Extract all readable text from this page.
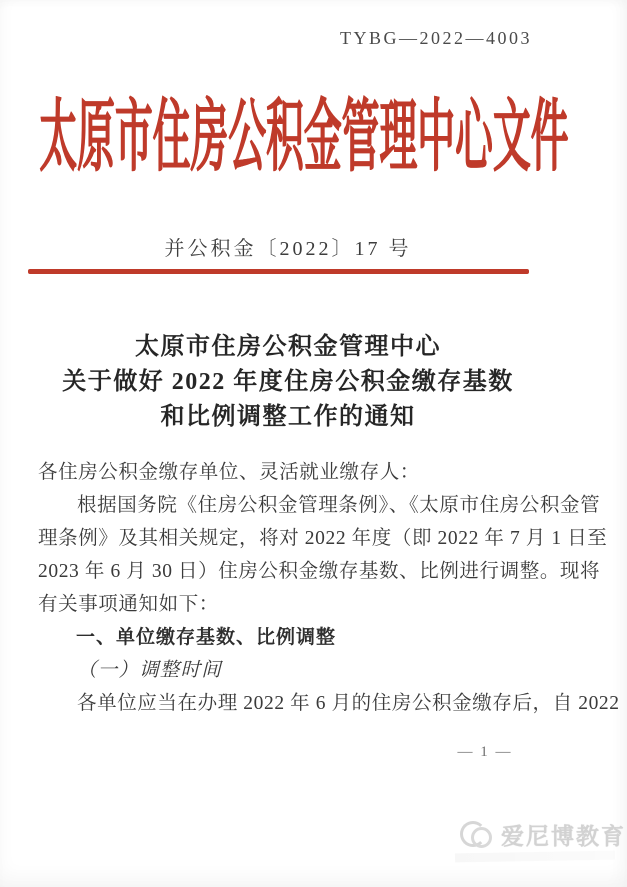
TYBG—2022—4003
太原市住房公积金管理中心文件
并公积金〔2022〕17 号
太原市住房公积金管理中心
关于做好 2022 年度住房公积金缴存基数
和比例调整工作的通知
各住房公积金缴存单位、灵活就业缴存人：
根据国务院《住房公积金管理条例》、《太原市住房公积金管
理条例》及其相关规定，将对 2022 年度（即 2022 年 7 月 1 日至
2023 年 6 月 30 日）住房公积金缴存基数、比例进行调整。现将
有关事项通知如下：
一、单位缴存基数、比例调整
（一）调整时间
各单位应当在办理 2022 年 6 月的住房公积金缴存后，自 2022
— 1 —
爱尼博教育
